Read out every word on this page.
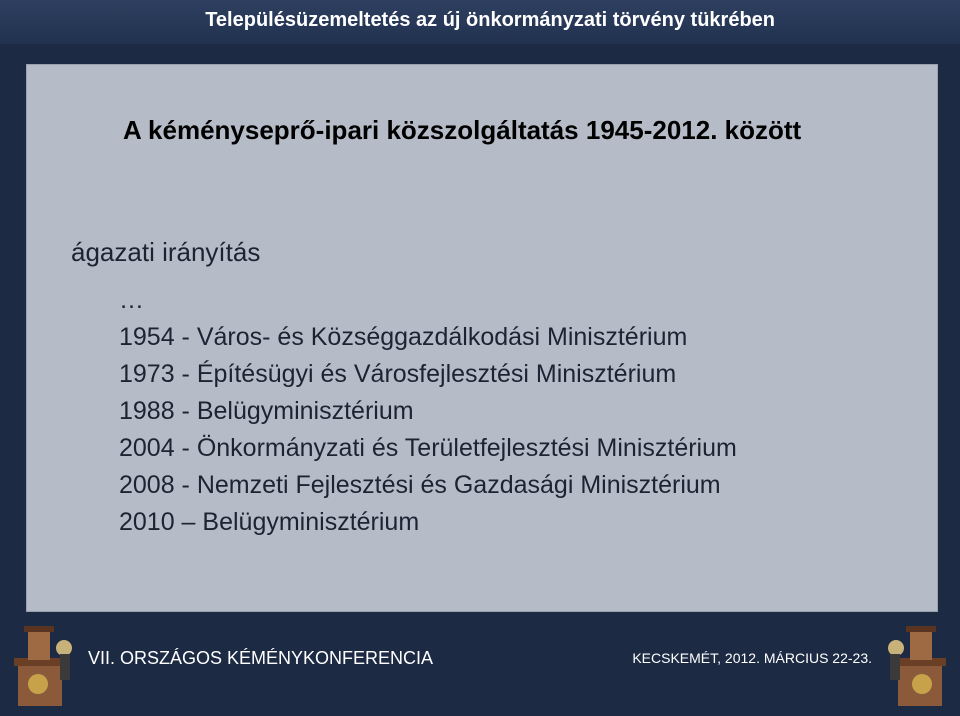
Településüzemeltetés az új önkormányzati törvény tükrében
A kéményseprő-ipari közszolgáltatás 1945-2012. között
ágazati irányítás
…
1954 - Város- és Községgazdálkodási Minisztérium
1973 - Építésügyi és Városfejlesztési Minisztérium
1988 - Belügyminisztérium
2004 - Önkormányzati és Területfejlesztési Minisztérium
2008 - Nemzeti Fejlesztési és Gazdasági Minisztérium
2010 – Belügyminisztérium
VII. ORSZÁGOS KÉMÉNYKONFERENCIA	KECSKEMÉT, 2012. MÁRCIUS 22-23.
